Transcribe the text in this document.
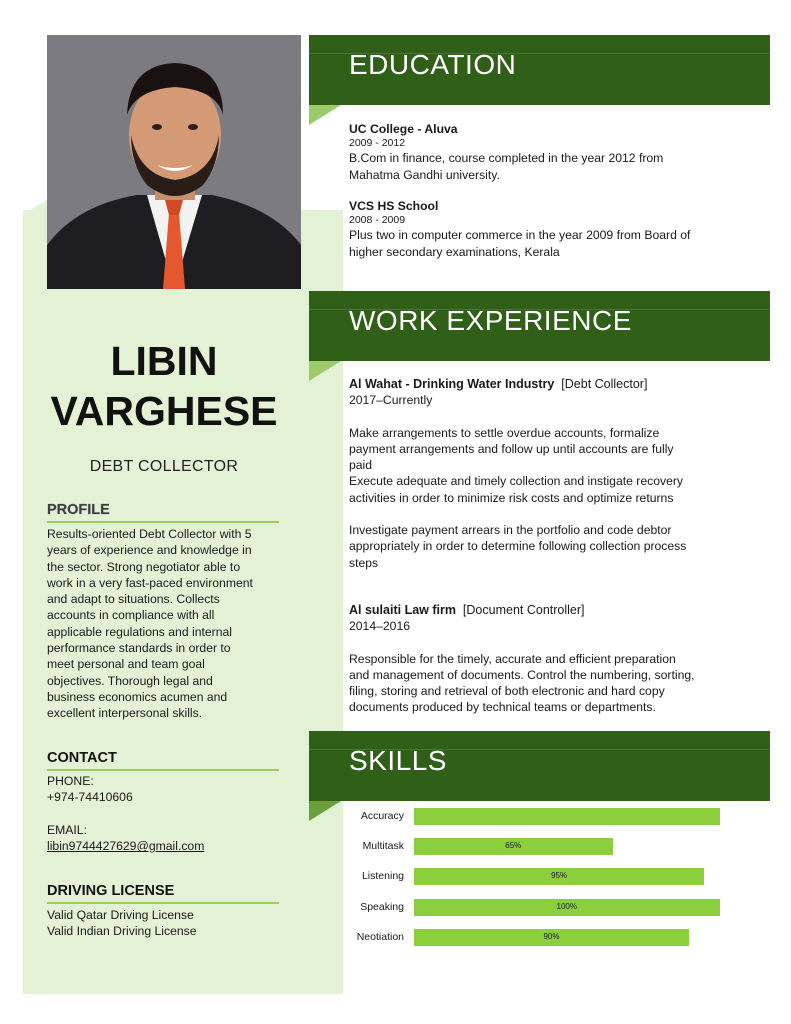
LIBIN
VARGHESE
DEBT COLLECTOR
PROFILE
Results-oriented Debt Collector with 5
years of experience and knowledge in
the sector. Strong negotiator able to
work in a very fast-paced environment
and adapt to situations. Collects
accounts in compliance with all
applicable regulations and internal
performance standards in order to
meet personal and team goal
objectives. Thorough legal and
business economics acumen and
excellent interpersonal skills.
CONTACT
PHONE:
+974-74410606

EMAIL:
libin9744427629@gmail.com
DRIVING LICENSE
Valid Qatar Driving License
Valid Indian Driving License
EDUCATION
UC College - Aluva
2009 - 2012
B.Com in finance, course completed in the year 2012 from
Mahatma Gandhi university.
VCS HS School
2008 - 2009
Plus two in computer commerce in the year 2009 from Board of
higher secondary examinations, Kerala
WORK EXPERIENCE
Al Wahat - Drinking Water Industry [Debt Collector]
2017–Currently
Make arrangements to settle overdue accounts, formalize
payment arrangements and follow up until accounts are fully
paid
Execute adequate and timely collection and instigate recovery
activities in order to minimize risk costs and optimize returns
Investigate payment arrears in the portfolio and code debtor
appropriately in order to determine following collection process
steps
Al sulaiti Law firm [Document Controller]
2014–2016
Responsible for the timely, accurate and efficient preparation
and management of documents. Control the numbering, sorting,
filing, storing and retrieval of both electronic and hard copy
documents produced by technical teams or departments.
SKILLS
Accuracy
Multitask	65%
Listening	95%
Speaking	100%
Neotiation	90%
